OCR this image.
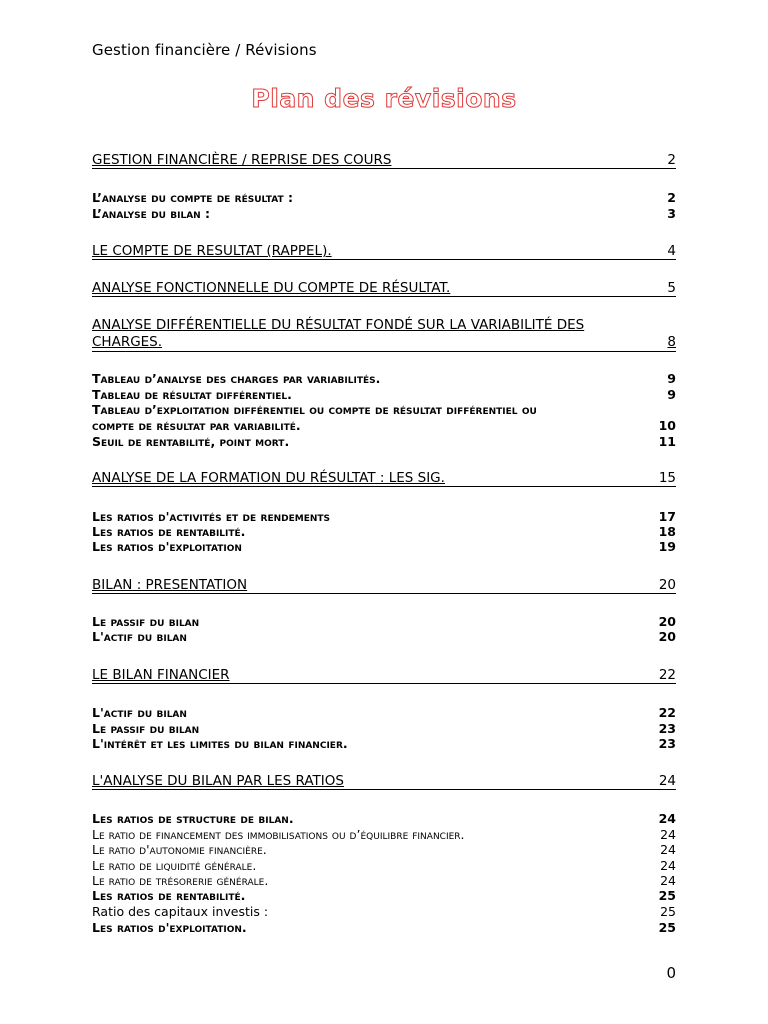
Gestion financière / Révisions
Plan des révisions
GESTION FINANCIÈRE / REPRISE DES COURS	2
L’analyse du compte de résultat :	2
L’analyse du bilan :	3
LE COMPTE DE RESULTAT (RAPPEL).	4
ANALYSE FONCTIONNELLE DU COMPTE DE RÉSULTAT.	5
ANALYSE DIFFÉRENTIELLE DU RÉSULTAT FONDÉ SUR LA VARIABILITÉ DES
CHARGES.	8
Tableau d’analyse des charges par variabilités.	9
Tableau de résultat différentiel.	9
Tableau d’exploitation différentiel ou compte de résultat différentiel ou
compte de résultat par variabilité.	10
Seuil de rentabilité, point mort.	11
ANALYSE DE LA FORMATION DU RÉSULTAT : LES SIG.	15
Les ratios d'activités et de rendements	17
Les ratios de rentabilité.	18
Les ratios d'exploitation	19
BILAN : PRESENTATION	20
Le passif du bilan	20
L'actif du bilan	20
LE BILAN FINANCIER	22
L'actif du bilan	22
Le passif du bilan	23
L'intérêt et les limites du bilan financier.	23
L'ANALYSE DU BILAN PAR LES RATIOS	24
Les ratios de structure de bilan.	24
Le ratio de financement des immobilisations ou d’équilibre financier.	24
Le ratio d'autonomie financière.	24
Le ratio de liquidité générale.	24
Le ratio de trésorerie générale.	24
Les ratios de rentabilité.	25
Ratio des capitaux investis :	25
Les ratios d'exploitation.	25
0
